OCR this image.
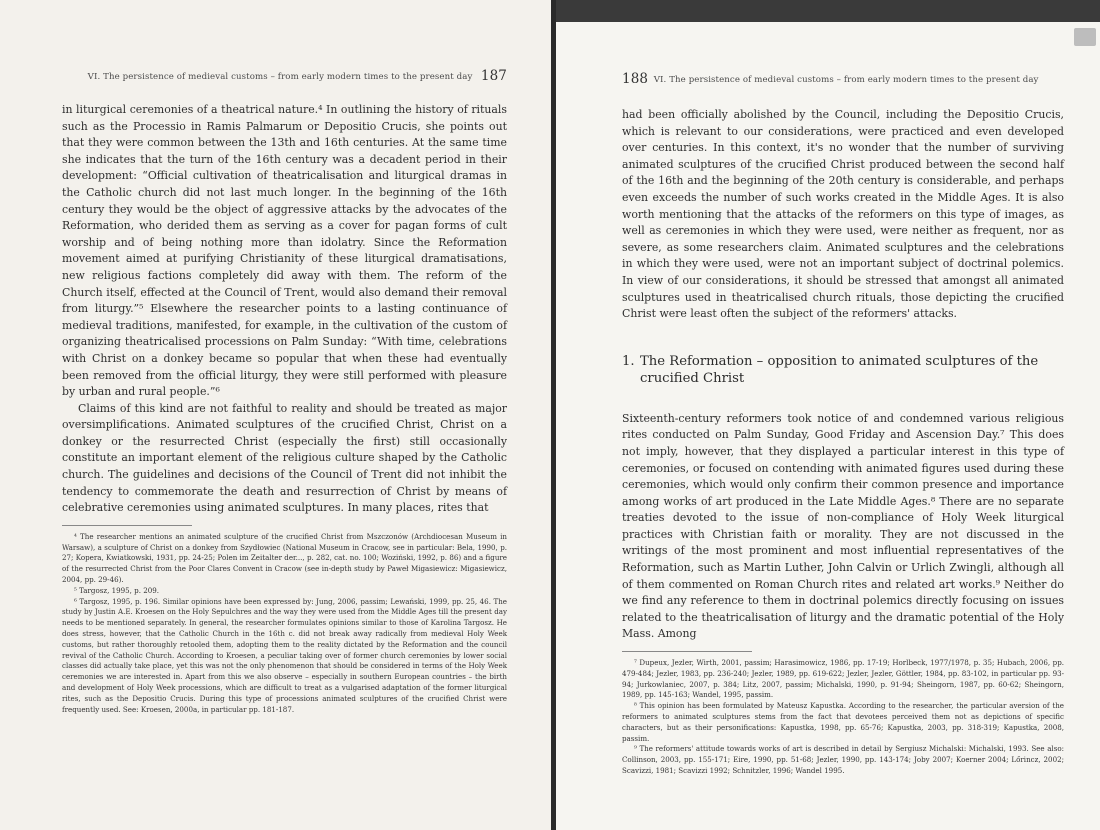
VI. The persistence of medieval customs – from early modern times to the present day 187

in liturgical ceremonies of a theatrical nature.⁴ In outlining the history of rituals such as the Processio in Ramis Palmarum or Depositio Crucis, she points out that they were common between the 13th and 16th centuries. At the same time she indicates that the turn of the 16th century was a decadent period in their development: “Official cultivation of theatricalisation and liturgical dramas in the Catholic church did not last much longer. In the beginning of the 16th century they would be the object of aggressive attacks by the advocates of the Reformation, who derided them as serving as a cover for pagan forms of cult worship and of being nothing more than idolatry. Since the Reformation movement aimed at purifying Christianity of these liturgical dramatisations, new religious factions completely did away with them. The reform of the Church itself, effected at the Council of Trent, would also demand their removal from liturgy.”⁵ Elsewhere the researcher points to a lasting continuance of medieval traditions, manifested, for example, in the cultivation of the custom of organizing theatricalised processions on Palm Sunday: “With time, celebrations with Christ on a donkey became so popular that when these had eventually been removed from the official liturgy, they were still performed with pleasure by urban and rural people.”⁶

Claims of this kind are not faithful to reality and should be treated as major oversimplifications. Animated sculptures of the crucified Christ, Christ on a donkey or the resurrected Christ (especially the first) still occasionally constitute an important element of the religious culture shaped by the Catholic church. The guidelines and decisions of the Council of Trent did not inhibit the tendency to commemorate the death and resurrection of Christ by means of celebrative ceremonies using animated sculptures. In many places, rites that

⁴ The researcher mentions an animated sculpture of the crucified Christ from Mszczonów (Archdiocesan Museum in Warsaw), a sculpture of Christ on a donkey from Szydłowiec (National Museum in Cracow, see in particular: Bela, 1990, p. 27; Kopera, Kwiatkowski, 1931, pp. 24-25; Polen im Zeitalter der..., p. 282, cat. no. 100; Woziński, 1992, p. 86) and a figure of the resurrected Christ from the Poor Clares Convent in Cracow (see in-depth study by Paweł Migasiewicz: Migasiewicz, 2004, pp. 29-46).

⁵ Targosz, 1995, p. 209.

⁶ Targosz, 1995, p. 196. Similar opinions have been expressed by: Jung, 2006, passim; Lewański, 1999, pp. 25, 46. The study by Justin A.E. Kroesen on the Holy Sepulchres and the way they were used from the Middle Ages till the present day needs to be mentioned separately. In general, the researcher formulates opinions similar to those of Karolina Targosz. He does stress, however, that the Catholic Church in the 16th c. did not break away radically from medieval Holy Week customs, but rather thoroughly retooled them, adopting them to the reality dictated by the Reformation and the council revival of the Catholic Church. According to Kroesen, a peculiar taking over of former church ceremonies by lower social classes did actually take place, yet this was not the only phenomenon that should be considered in terms of the Holy Week ceremonies we are interested in. Apart from this we also observe – especially in southern European countries – the birth and development of Holy Week processions, which are difficult to treat as a vulgarised adaptation of the former liturgical rites, such as the Depositio Crucis. During this type of processions animated sculptures of the crucified Christ were frequently used. See: Kroesen, 2000a, in particular pp. 181-187.

188 VI. The persistence of medieval customs – from early modern times to the present day

had been officially abolished by the Council, including the Depositio Crucis, which is relevant to our considerations, were practiced and even developed over centuries. In this context, it's no wonder that the number of surviving animated sculptures of the crucified Christ produced between the second half of the 16th and the beginning of the 20th century is considerable, and perhaps even exceeds the number of such works created in the Middle Ages. It is also worth mentioning that the attacks of the reformers on this type of images, as well as ceremonies in which they were used, were neither as frequent, nor as severe, as some researchers claim. Animated sculptures and the celebrations in which they were used, were not an important subject of doctrinal polemics. In view of our considerations, it should be stressed that amongst all animated sculptures used in theatricalised church rituals, those depicting the crucified Christ were least often the subject of the reformers' attacks.

1. The Reformation – opposition to animated sculptures of the crucified Christ

Sixteenth-century reformers took notice of and condemned various religious rites conducted on Palm Sunday, Good Friday and Ascension Day.⁷ This does not imply, however, that they displayed a particular interest in this type of ceremonies, or focused on contending with animated figures used during these ceremonies, which would only confirm their common presence and importance among works of art produced in the Late Middle Ages.⁸ There are no separate treaties devoted to the issue of non-compliance of Holy Week liturgical practices with Christian faith or morality. They are not discussed in the writings of the most prominent and most influential representatives of the Reformation, such as Martin Luther, John Calvin or Urlich Zwingli, although all of them commented on Roman Church rites and related art works.⁹ Neither do we find any reference to them in doctrinal polemics directly focusing on issues related to the theatricalisation of liturgy and the dramatic potential of the Holy Mass. Among

⁷ Dupeux, Jezler, Wirth, 2001, passim; Harasimowicz, 1986, pp. 17-19; Horlbeck, 1977/1978, p. 35; Hubach, 2006, pp. 479-484; Jezler, 1983, pp. 236-240; Jezler, 1989, pp. 619-622; Jezler, Jezler, Göttler, 1984, pp. 83-102, in particular pp. 93-94; Jurkowlaniec, 2007, p. 384; Litz, 2007, passim; Michalski, 1990, p. 91-94; Sheingorn, 1987, pp. 60-62; Sheingorn, 1989, pp. 145-163; Wandel, 1995, passim.

⁸ This opinion has been formulated by Mateusz Kapustka. According to the researcher, the particular aversion of the reformers to animated sculptures stems from the fact that devotees perceived them not as depictions of specific characters, but as their personifications: Kapustka, 1998, pp. 65-76; Kapustka, 2003, pp. 318-319; Kapustka, 2008, passim.

⁹ The reformers' attitude towards works of art is described in detail by Sergiusz Michalski: Michalski, 1993. See also: Collinson, 2003, pp. 155-171; Eire, 1990, pp. 51-68; Jezler, 1990, pp. 143-174; Joby 2007; Koerner 2004; Lőrincz, 2002; Scavizzi, 1981; Scavizzi 1992; Schnitzler, 1996; Wandel 1995.
